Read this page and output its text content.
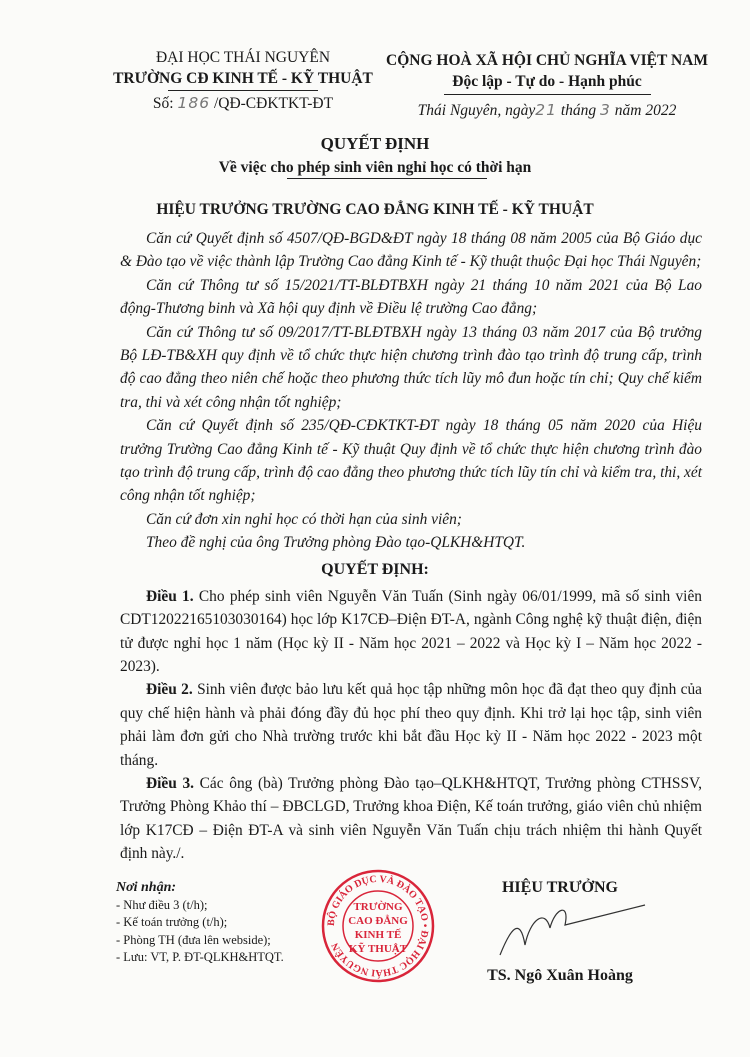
ĐẠI HỌC THÁI NGUYÊN
TRƯỜNG CĐ KINH TẾ - KỸ THUẬT
Số: 186 /QĐ-CĐKTKT-ĐT
CỘNG HOÀ XÃ HỘI CHỦ NGHĨA VIỆT NAM
Độc lập - Tự do - Hạnh phúc
Thái Nguyên, ngày21 tháng 3 năm 2022
QUYẾT ĐỊNH
Về việc cho phép sinh viên nghỉ học có thời hạn
HIỆU TRƯỞNG TRƯỜNG CAO ĐẲNG KINH TẾ - KỸ THUẬT

Căn cứ Quyết định số 4507/QĐ-BGD&ĐT ngày 18 tháng 08 năm 2005 của Bộ Giáo dục & Đào tạo về việc thành lập Trường Cao đẳng Kinh tế - Kỹ thuật thuộc Đại học Thái Nguyên;

Căn cứ Thông tư số 15/2021/TT-BLĐTBXH ngày 21 tháng 10 năm 2021 của Bộ Lao động-Thương binh và Xã hội quy định về Điều lệ trường Cao đẳng;

Căn cứ Thông tư số 09/2017/TT-BLĐTBXH ngày 13 tháng 03 năm 2017 của Bộ trưởng Bộ LĐ-TB&XH quy định về tổ chức thực hiện chương trình đào tạo trình độ trung cấp, trình độ cao đẳng theo niên chế hoặc theo phương thức tích lũy mô đun hoặc tín chỉ; Quy chế kiểm tra, thi và xét công nhận tốt nghiệp;

Căn cứ Quyết định số 235/QĐ-CĐKTKT-ĐT ngày 18 tháng 05 năm 2020 của Hiệu trưởng Trường Cao đẳng Kinh tế - Kỹ thuật Quy định về tổ chức thực hiện chương trình đào tạo trình độ trung cấp, trình độ cao đẳng theo phương thức tích lũy tín chỉ và kiểm tra, thi, xét công nhận tốt nghiệp;

Căn cứ đơn xin nghỉ học có thời hạn của sinh viên;

Theo đề nghị của ông Trưởng phòng Đào tạo-QLKH&HTQT.

QUYẾT ĐỊNH:

Điều 1. Cho phép sinh viên Nguyễn Văn Tuấn (Sinh ngày 06/01/1999, mã số sinh viên CDT12022165103030164) học lớp K17CĐ–Điện ĐT-A, ngành Công nghệ kỹ thuật điện, điện tử được nghỉ học 1 năm (Học kỳ II - Năm học 2021 – 2022 và Học kỳ I – Năm học 2022 - 2023).

Điều 2. Sinh viên được bảo lưu kết quả học tập những môn học đã đạt theo quy định của quy chế hiện hành và phải đóng đầy đủ học phí theo quy định. Khi trở lại học tập, sinh viên phải làm đơn gửi cho Nhà trường trước khi bắt đầu Học kỳ II - Năm học 2022 - 2023 một tháng.

Điều 3. Các ông (bà) Trưởng phòng Đào tạo–QLKH&HTQT, Trưởng phòng CTHSSV, Trưởng Phòng Khảo thí – ĐBCLGD, Trưởng khoa Điện, Kế toán trưởng, giáo viên chủ nhiệm lớp K17CĐ – Điện ĐT-A và sinh viên Nguyễn Văn Tuấn chịu trách nhiệm thi hành Quyết định này./.

Nơi nhận:
- Như điều 3 (t/h);
- Kế toán trưởng (t/h);
- Phòng TH (đưa lên webside);
- Lưu: VT, P. ĐT-QLKH&HTQT.
BỘ GIÁO DỤC VÀ ĐÀO TẠO • ĐẠI HỌC THÁI NGUYÊN
TRƯỜNG
CAO ĐẲNG
KINH TẾ
KỸ THUẬT
HIỆU TRƯỞNG
TS. Ngô Xuân Hoàng
